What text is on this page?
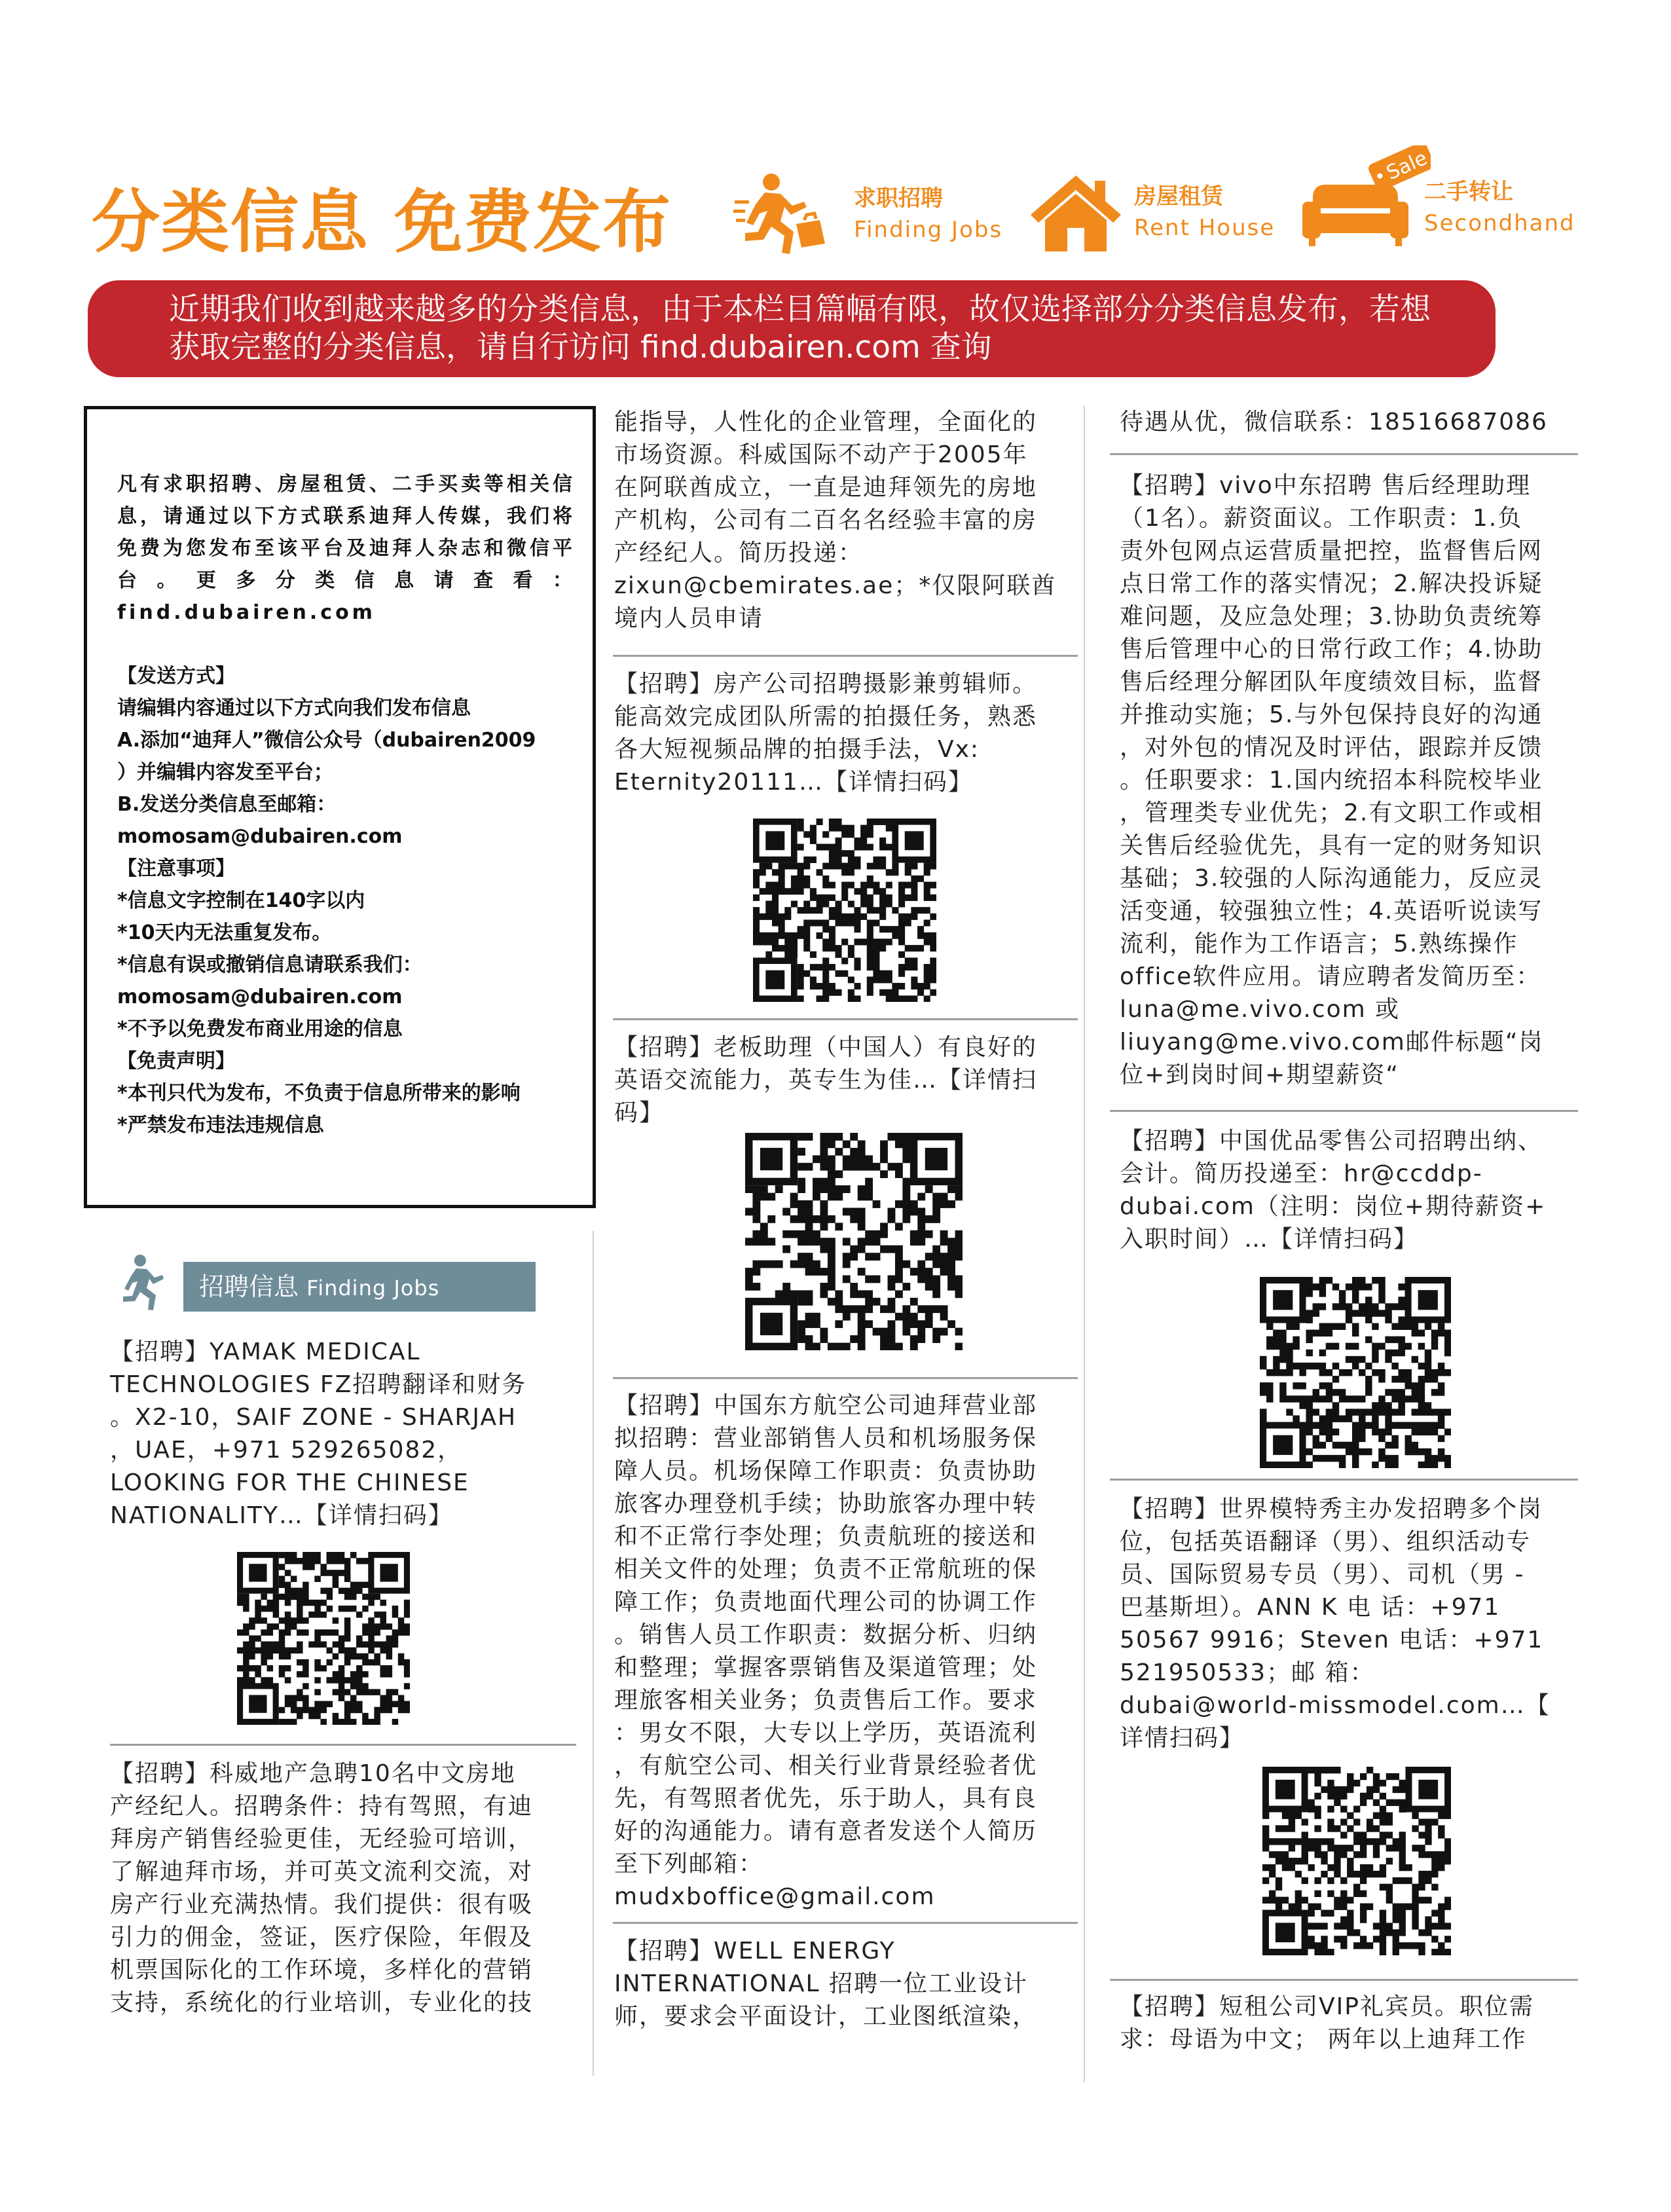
分类信息 免费发布	求职招聘
Finding Jobs
房屋租赁
Rent House
Sale
二手转让
Secondhand
近期我们收到越来越多的分类信息，由于本栏目篇幅有限，故仅选择部分分类信息发布，若想
获取完整的分类信息，请自行访问 find.dubairen.com 查询
凡有求职招聘、房屋租赁、二手买卖等相关信息，请通过以下方式联系迪拜人传媒，我们将免费为您发布至该平台及迪拜人杂志和微信平台。更多分类信息请查看：find.dubairen.com
【发送方式】
请编辑内容通过以下方式向我们发布信息
A.添加“迪拜人”微信公众号（dubairen2009
）并编辑内容发至平台；
B.发送分类信息至邮箱：
momosam@dubairen.com
【注意事项】
*信息文字控制在140字以内
*10天内无法重复发布。
*信息有误或撤销信息请联系我们：
momosam@dubairen.com
*不予以免费发布商业用途的信息
【免责声明】
*本刊只代为发布，不负责于信息所带来的影响
*严禁发布违法违规信息
招聘信息 Finding Jobs
【招聘】YAMAK MEDICAL
TECHNOLOGIES FZ招聘翻译和财务
。X2-10，SAIF ZONE - SHARJAH
，UAE，+971 529265082，
LOOKING FOR THE CHINESE
NATIONALITY…【详情扫码】
【招聘】科威地产急聘10名中文房地
产经纪人。招聘条件：持有驾照，有迪
拜房产销售经验更佳，无经验可培训，
了解迪拜市场，并可英文流利交流，对
房产行业充满热情。我们提供：很有吸
引力的佣金，签证，医疗保险，年假及
机票国际化的工作环境，多样化的营销
支持，系统化的行业培训，专业化的技
能指导，人性化的企业管理，全面化的
市场资源。科威国际不动产于2005年
在阿联酋成立，一直是迪拜领先的房地
产机构，公司有二百名名经验丰富的房
产经纪人。简历投递：
zixun@cbemirates.ae；*仅限阿联酋
境内人员申请
【招聘】房产公司招聘摄影兼剪辑师。
能高效完成团队所需的拍摄任务，熟悉
各大短视频品牌的拍摄手法，Vx:
Eternity20111…【详情扫码】
【招聘】老板助理（中国人）有良好的
英语交流能力，英专生为佳…【详情扫
码】
【招聘】中国东方航空公司迪拜营业部
拟招聘：营业部销售人员和机场服务保
障人员。机场保障工作职责：负责协助
旅客办理登机手续；协助旅客办理中转
和不正常行李处理；负责航班的接送和
相关文件的处理；负责不正常航班的保
障工作；负责地面代理公司的协调工作
。销售人员工作职责：数据分析、归纳
和整理；掌握客票销售及渠道管理；处
理旅客相关业务；负责售后工作。要求
：男女不限，大专以上学历，英语流利
，有航空公司、相关行业背景经验者优
先，有驾照者优先，乐于助人，具有良
好的沟通能力。请有意者发送个人简历
至下列邮箱：
mudxboffice@gmail.com
【招聘】WELL ENERGY
INTERNATIONAL 招聘一位工业设计
师，要求会平面设计，工业图纸渲染，
待遇从优，微信联系：18516687086
【招聘】vivo中东招聘 售后经理助理
（1名）。薪资面议。工作职责：1.负
责外包网点运营质量把控，监督售后网
点日常工作的落实情况；2.解决投诉疑
难问题，及应急处理；3.协助负责统筹
售后管理中心的日常行政工作；4.协助
售后经理分解团队年度绩效目标，监督
并推动实施；5.与外包保持良好的沟通
，对外包的情况及时评估，跟踪并反馈
。任职要求：1.国内统招本科院校毕业
，管理类专业优先；2.有文职工作或相
关售后经验优先，具有一定的财务知识
基础；3.较强的人际沟通能力，反应灵
活变通，较强独立性；4.英语听说读写
流利，能作为工作语言；5.熟练操作
office软件应用。请应聘者发简历至：
luna@me.vivo.com 或
liuyang@me.vivo.com邮件标题“岗
位+到岗时间+期望薪资“
【招聘】中国优品零售公司招聘出纳、
会计。简历投递至：hr@ccddp-
dubai.com（注明：岗位+期待薪资+
入职时间）…【详情扫码】
【招聘】世界模特秀主办发招聘多个岗
位，包括英语翻译（男）、组织活动专
员、国际贸易专员（男）、司机（男 -
巴基斯坦）。ANN K 电 话：+971
50567 9916；Steven 电话：+971
521950533；邮 箱：
dubai@world-missmodel.com…【
详情扫码】
【招聘】短租公司VIP礼宾员。职位需
求：母语为中文； 两年以上迪拜工作
